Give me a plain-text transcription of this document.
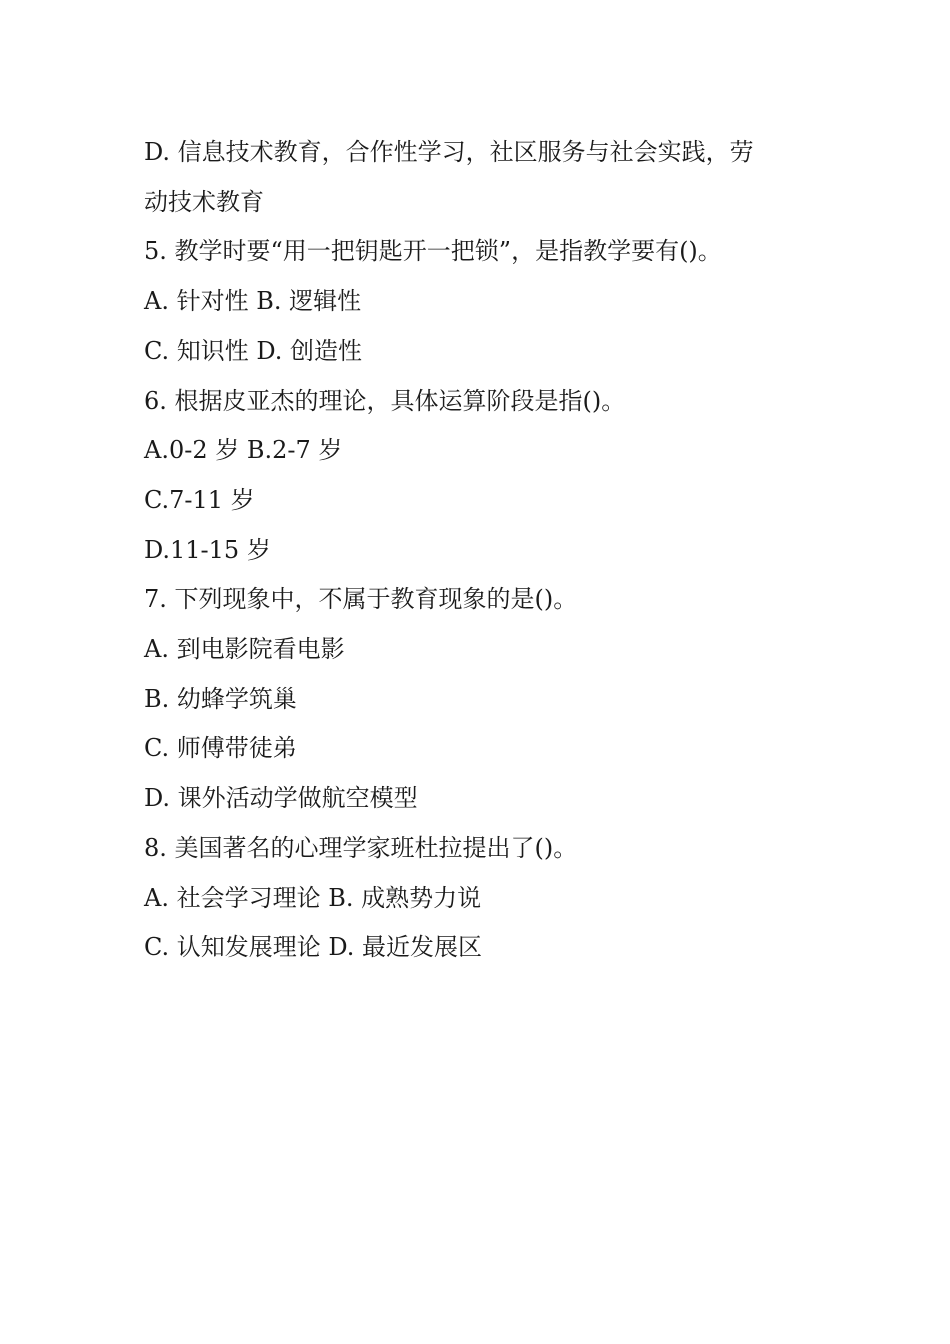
D. 信息技术教育，合作性学习，社区服务与社会实践，劳

动技术教育

5. 教学时要“用一把钥匙开一把锁”，是指教学要有()。

A. 针对性 B. 逻辑性

C. 知识性 D. 创造性

6. 根据皮亚杰的理论，具体运算阶段是指()。

A.0-2 岁 B.2-7 岁

C.7-11 岁

D.11-15 岁

7. 下列现象中，不属于教育现象的是()。

A. 到电影院看电影

B. 幼蜂学筑巢

C. 师傅带徒弟

D. 课外活动学做航空模型

8. 美国著名的心理学家班杜拉提出了()。

A. 社会学习理论 B. 成熟势力说

C. 认知发展理论 D. 最近发展区
